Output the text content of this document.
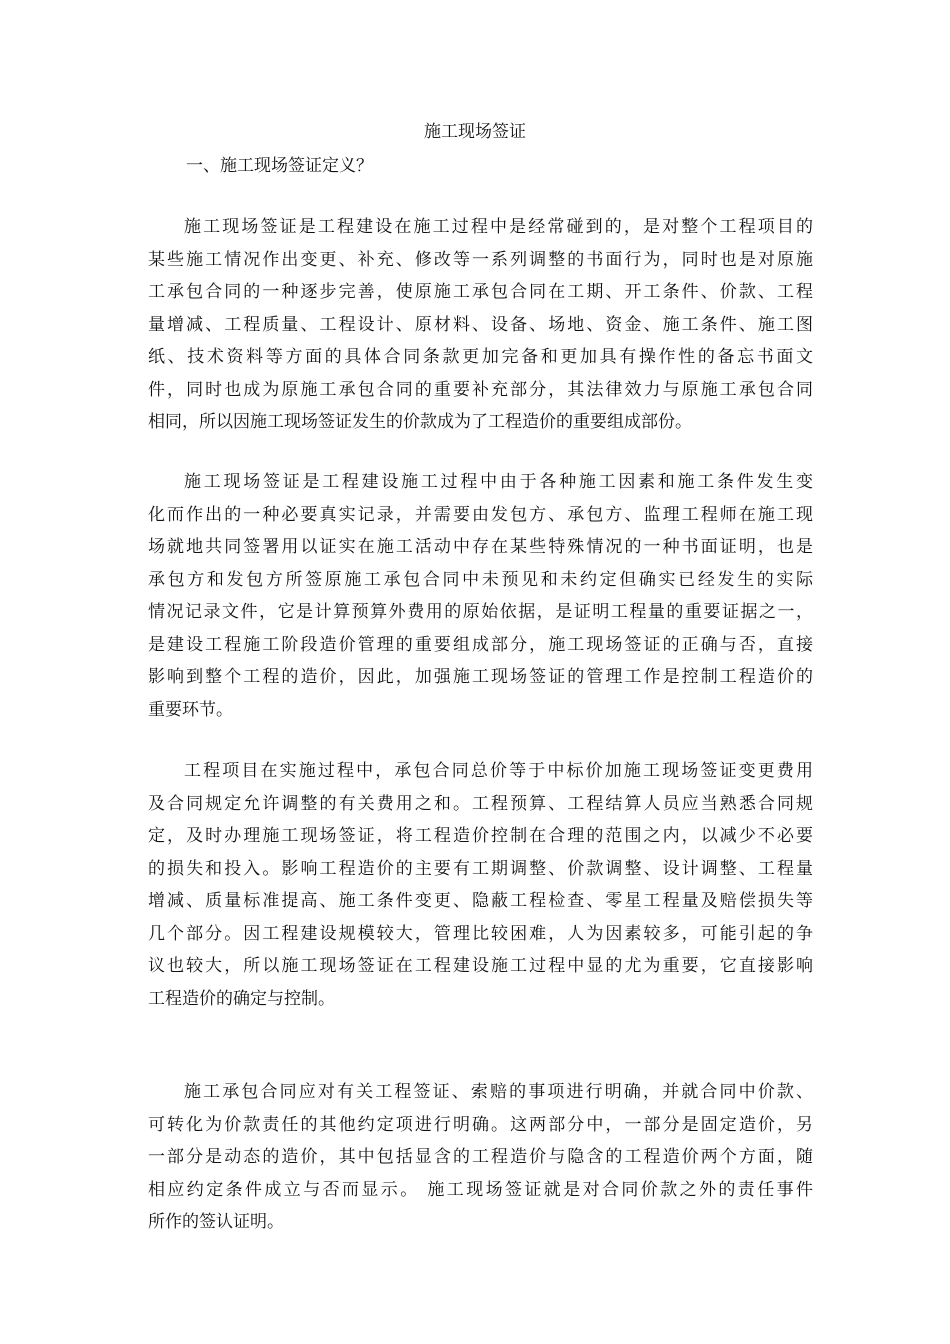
施工现场签证
一、施工现场签证定义？
施工现场签证是工程建设在施工过程中是经常碰到的，是对整个工程项目的
某些施工情况作出变更、补充、修改等一系列调整的书面行为，同时也是对原施
工承包合同的一种逐步完善，使原施工承包合同在工期、开工条件、价款、工程
量增减、工程质量、工程设计、原材料、设备、场地、资金、施工条件、施工图
纸、技术资料等方面的具体合同条款更加完备和更加具有操作性的备忘书面文
件，同时也成为原施工承包合同的重要补充部分，其法律效力与原施工承包合同
相同，所以因施工现场签证发生的价款成为了工程造价的重要组成部份。
施工现场签证是工程建设施工过程中由于各种施工因素和施工条件发生变
化而作出的一种必要真实记录，并需要由发包方、承包方、监理工程师在施工现
场就地共同签署用以证实在施工活动中存在某些特殊情况的一种书面证明，也是
承包方和发包方所签原施工承包合同中未预见和未约定但确实已经发生的实际
情况记录文件，它是计算预算外费用的原始依据，是证明工程量的重要证据之一，
是建设工程施工阶段造价管理的重要组成部分，施工现场签证的正确与否，直接
影响到整个工程的造价，因此，加强施工现场签证的管理工作是控制工程造价的
重要环节。
工程项目在实施过程中，承包合同总价等于中标价加施工现场签证变更费用
及合同规定允许调整的有关费用之和。工程预算、工程结算人员应当熟悉合同规
定，及时办理施工现场签证，将工程造价控制在合理的范围之内，以减少不必要
的损失和投入。影响工程造价的主要有工期调整、价款调整、设计调整、工程量
增减、质量标准提高、施工条件变更、隐蔽工程检查、零星工程量及赔偿损失等
几个部分。因工程建设规模较大，管理比较困难，人为因素较多，可能引起的争
议也较大，所以施工现场签证在工程建设施工过程中显的尤为重要，它直接影响
工程造价的确定与控制。
施工承包合同应对有关工程签证、索赔的事项进行明确，并就合同中价款、
可转化为价款责任的其他约定项进行明确。这两部分中，一部分是固定造价，另
一部分是动态的造价，其中包括显含的工程造价与隐含的工程造价两个方面，随
相应约定条件成立与否而显示。 施工现场签证就是对合同价款之外的责任事件
所作的签认证明。
